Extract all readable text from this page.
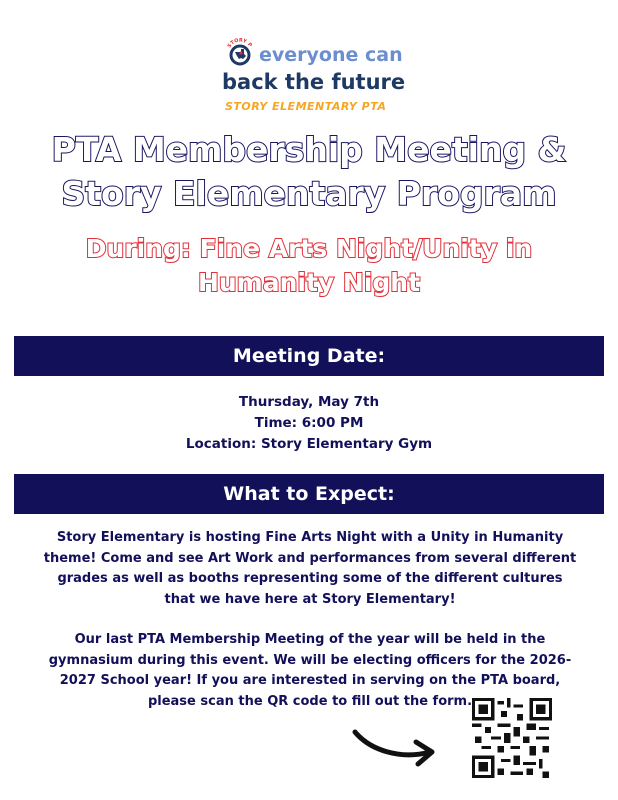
STORY P everyone can
back the future
STORY ELEMENTARY PTA
PTA Membership Meeting &
Story Elementary Program
During: Fine Arts Night/Unity in
Humanity Night
Meeting Date:
Thursday, May 7th
Time: 6:00 PM
Location: Story Elementary Gym
What to Expect:
Story Elementary is hosting Fine Arts Night with a Unity in Humanity theme! Come and see Art Work and performances from several different grades as well as booths representing some of the different cultures that we have here at Story Elementary!
Our last PTA Membership Meeting of the year will be held in the gymnasium during this event. We will be electing officers for the 2026-2027 School year! If you are interested in serving on the PTA board, please scan the QR code to fill out the form.
